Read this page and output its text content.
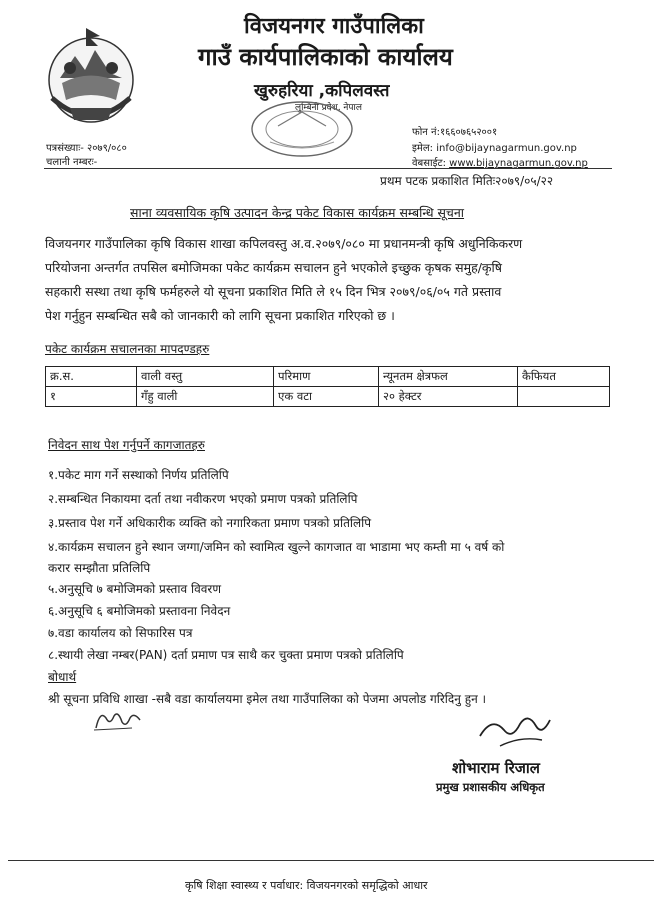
विजयनगर गाउँपालिका
गाउँ कार्यपालिकाको कार्यालय
खुरुहरिया ,कपिलवस्त
लुम्बिनी प्रदेश, नेपाल
पत्रसंख्याः- २०७९/०८०
चलानी नम्बरः-
फोन नं:१६६०७६५२००१
इमेल: info@bijaynagarmun.gov.np
वेबसाईट: www.bijaynagarmun.gov.np
प्रथम पटक प्रकाशित मितिः२०७९/०५/२२
साना व्यवसायिक कृषि उत्पादन केन्द्र पकेट विकास कार्यक्रम सम्बन्धि सूचना
विजयनगर गाउँपालिका कृषि विकास शाखा कपिलवस्तु अ.व.२०७९/०८० मा प्रधानमन्त्री कृषि अधुनिकिकरण
परियोजना अन्तर्गत तपसिल बमोजिमका पकेट कार्यक्रम सचालन हुने भएकोले इच्छुक कृषक समुह/कृषि
सहकारी सस्था तथा कृषि फर्महरुले यो सूचना प्रकाशित मिति ले १५ दिन भित्र २०७९/०६/०५ गते प्रस्ताव
पेश गर्नुहुन सम्बन्धित सबै को जानकारी को लागि सूचना प्रकाशित गरिएको छ ।
पकेट कार्यक्रम सचालनका मापदण्डहरु
क्र.स.	वाली वस्तु	परिमाण	न्यूनतम क्षेत्रफल	कैफियत
१	गँहु वाली	एक वटा	२० हेक्टर	
निवेदन साथ पेश गर्नुपर्ने कागजातहरु
१.पकेट माग गर्ने सस्थाको निर्णय प्रतिलिपि
२.सम्बन्धित निकायमा दर्ता तथा नवीकरण भएको प्रमाण पत्रको प्रतिलिपि
३.प्रस्ताव पेश गर्ने अधिकारीक व्यक्ति को नगारिकता प्रमाण पत्रको प्रतिलिपि
४.कार्यक्रम सचालन हुने स्थान जग्गा/जमिन को स्वामित्व खुल्ने कागजात वा भाडामा भए कम्ती मा ५ वर्ष को
करार सम्झौता प्रतिलिपि
५.अनुसूचि ७ बमोजिमको प्रस्ताव विवरण
६.अनुसूचि ६ बमोजिमको प्रस्तावना निवेदन
७.वडा कार्यालय को सिफारिस पत्र
८.स्थायी लेखा नम्बर(PAN) दर्ता प्रमाण पत्र साथै कर चुक्ता प्रमाण पत्रको प्रतिलिपि
बोधार्थ
श्री सूचना प्रविधि शाखा -सबै वडा कार्यालयमा इमेल तथा गाउँपालिका को पेजमा अपलोड गरिदिनु हुन ।
शोभाराम रिजाल
प्रमुख प्रशासकीय अधिकृत
कृषि शिक्षा स्वास्थ्य र पर्वाधार: विजयनगरको समृद्धिको आधार
